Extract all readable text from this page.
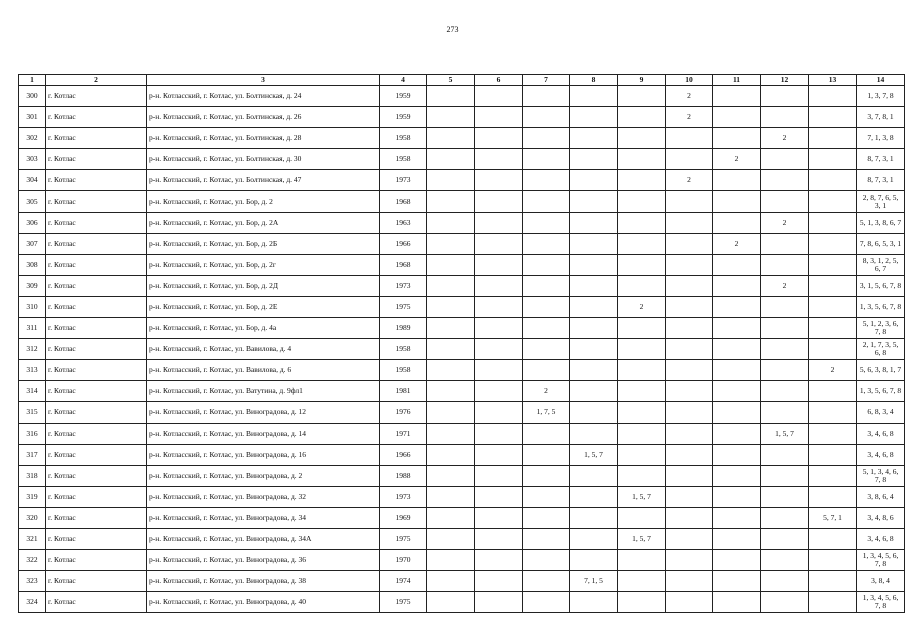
273
1	2	3	4	5	6	7	8	9	10	11	12	13	14
300	г. Котлас	р-н. Котласский, г. Котлас, ул. Болтинская, д. 24	1959						2				1, 3, 7, 8
301	г. Котлас	р-н. Котласский, г. Котлас, ул. Болтинская, д. 26	1959						2				3, 7, 8, 1
302	г. Котлас	р-н. Котласский, г. Котлас, ул. Болтинская, д. 28	1958								2		7, 1, 3, 8
303	г. Котлас	р-н. Котласский, г. Котлас, ул. Болтинская, д. 30	1958							2			8, 7, 3, 1
304	г. Котлас	р-н. Котласский, г. Котлас, ул. Болтинская, д. 47	1973						2				8, 7, 3, 1
305	г. Котлас	р-н. Котласский, г. Котлас, ул. Бор, д. 2	1968										2, 8, 7, 6, 5, 3, 1
306	г. Котлас	р-н. Котласский, г. Котлас, ул. Бор, д. 2А	1963								2		5, 1, 3, 8, 6, 7
307	г. Котлас	р-н. Котласский, г. Котлас, ул. Бор, д. 2Б	1966							2			7, 8, 6, 5, 3, 1
308	г. Котлас	р-н. Котласский, г. Котлас, ул. Бор, д. 2г	1968										8, 3, 1, 2, 5, 6, 7
309	г. Котлас	р-н. Котласский, г. Котлас, ул. Бор, д. 2Д	1973								2		3, 1, 5, 6, 7, 8
310	г. Котлас	р-н. Котласский, г. Котлас, ул. Бор, д. 2Е	1975					2					1, 3, 5, 6, 7, 8
311	г. Котлас	р-н. Котласский, г. Котлас, ул. Бор, д. 4а	1989										5, 1, 2, 3, 6, 7, 8
312	г. Котлас	р-н. Котласский, г. Котлас, ул. Вавилова, д. 4	1958										2, 1, 7, 3, 5, 6, 8
313	г. Котлас	р-н. Котласский, г. Котлас, ул. Вавилова, д. 6	1958									2	5, 6, 3, 8, 1, 7
314	г. Котлас	р-н. Котласский, г. Котлас, ул. Ватутина, д. 9фл1	1981			2							1, 3, 5, 6, 7, 8
315	г. Котлас	р-н. Котласский, г. Котлас, ул. Виноградова, д. 12	1976			1, 7, 5							6, 8, 3, 4
316	г. Котлас	р-н. Котласский, г. Котлас, ул. Виноградова, д. 14	1971								1, 5, 7		3, 4, 6, 8
317	г. Котлас	р-н. Котласский, г. Котлас, ул. Виноградова, д. 16	1966				1, 5, 7						3, 4, 6, 8
318	г. Котлас	р-н. Котласский, г. Котлас, ул. Виноградова, д. 2	1988										5, 1, 3, 4, 6, 7, 8
319	г. Котлас	р-н. Котласский, г. Котлас, ул. Виноградова, д. 32	1973					1, 5, 7					3, 8, 6, 4
320	г. Котлас	р-н. Котласский, г. Котлас, ул. Виноградова, д. 34	1969									5, 7, 1	3, 4, 8, 6
321	г. Котлас	р-н. Котласский, г. Котлас, ул. Виноградова, д. 34А	1975					1, 5, 7					3, 4, 6, 8
322	г. Котлас	р-н. Котласский, г. Котлас, ул. Виноградова, д. 36	1970										1, 3, 4, 5, 6, 7, 8
323	г. Котлас	р-н. Котласский, г. Котлас, ул. Виноградова, д. 38	1974				7, 1, 5						3, 8, 4
324	г. Котлас	р-н. Котласский, г. Котлас, ул. Виноградова, д. 40	1975										1, 3, 4, 5, 6, 7, 8
